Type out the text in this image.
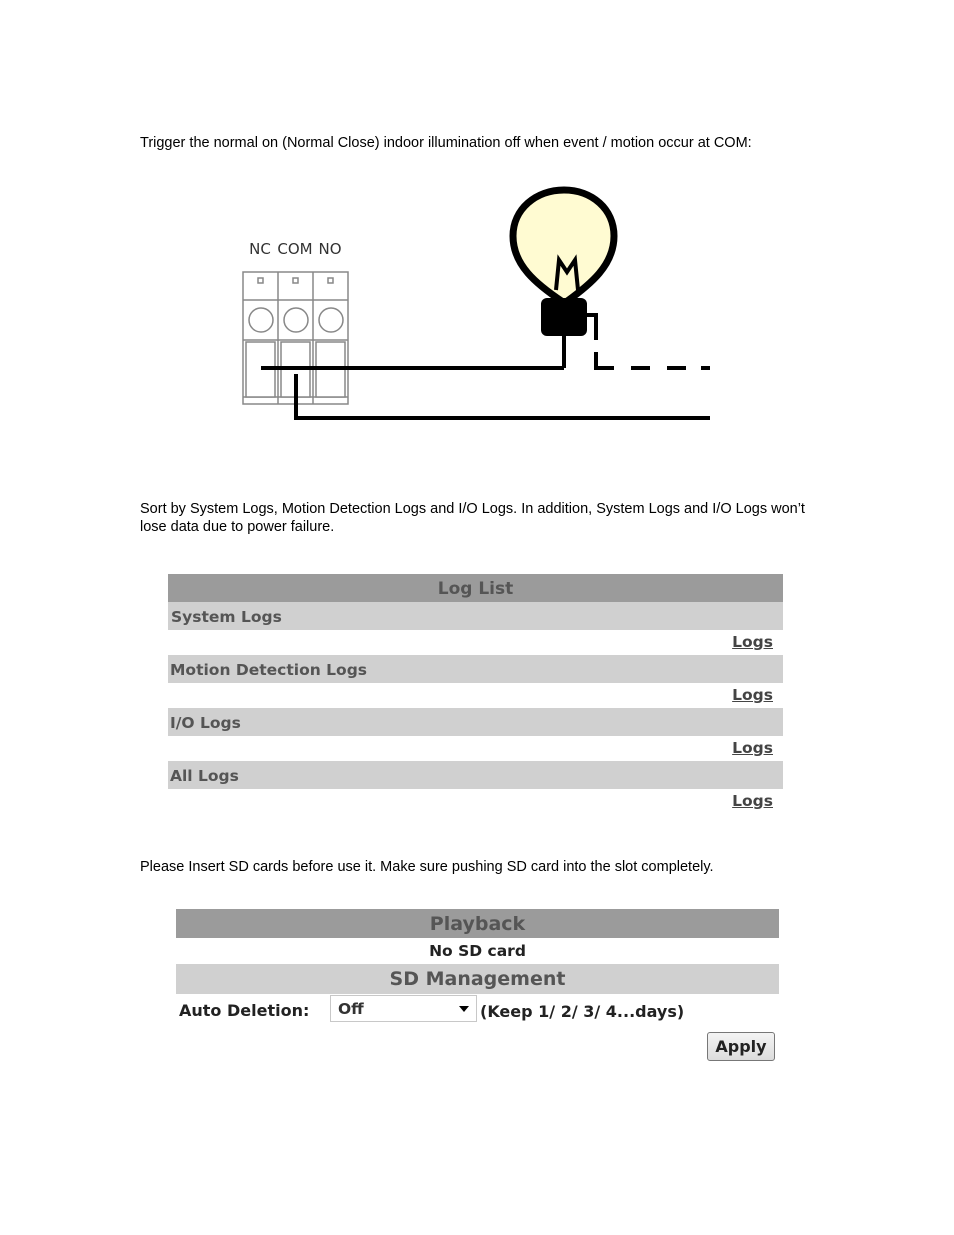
Trigger the normal on (Normal Close) indoor illumination off when event / motion occur at COM:

NC COM NO

Sort by System Logs, Motion Detection Logs and I/O Logs. In addition, System Logs and I/O Logs won’t lose data due to power failure.

Log List
System Logs
Logs
Motion Detection Logs
Logs
I/O Logs
Logs
All Logs
Logs

Please Insert SD cards before use it. Make sure pushing SD card into the slot completely.

Playback
No SD card
SD Management
Auto Deletion: Off	(Keep 1/ 2/ 3/ 4...days)
Apply
